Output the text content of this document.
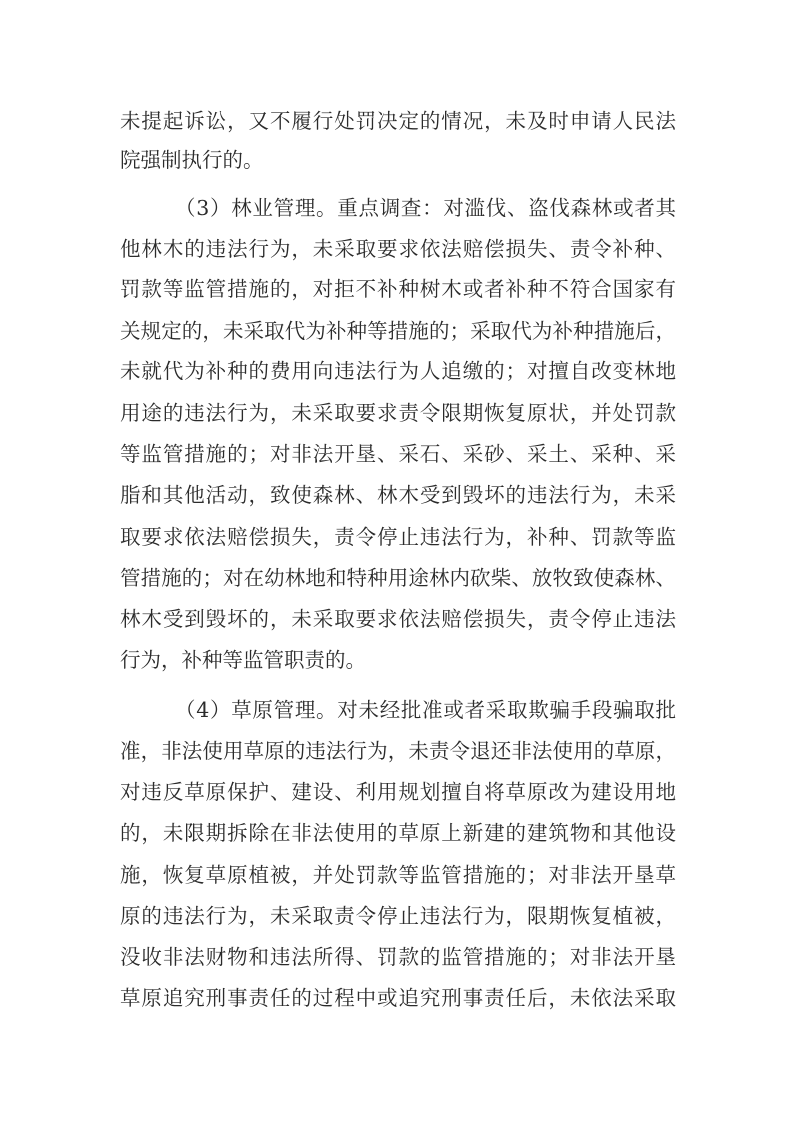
未提起诉讼，又不履行处罚决定的情况，未及时申请人民法
院强制执行的。
（3）林业管理。重点调查：对滥伐、盗伐森林或者其
他林木的违法行为，未采取要求依法赔偿损失、责令补种、
罚款等监管措施的，对拒不补种树木或者补种不符合国家有
关规定的，未采取代为补种等措施的；采取代为补种措施后，
未就代为补种的费用向违法行为人追缴的；对擅自改变林地
用途的违法行为，未采取要求责令限期恢复原状，并处罚款
等监管措施的；对非法开垦、采石、采砂、采土、采种、采
脂和其他活动，致使森林、林木受到毁坏的违法行为，未采
取要求依法赔偿损失，责令停止违法行为，补种、罚款等监
管措施的；对在幼林地和特种用途林内砍柴、放牧致使森林、
林木受到毁坏的，未采取要求依法赔偿损失，责令停止违法
行为，补种等监管职责的。
（4）草原管理。对未经批准或者采取欺骗手段骗取批
准，非法使用草原的违法行为，未责令退还非法使用的草原，
对违反草原保护、建设、利用规划擅自将草原改为建设用地
的，未限期拆除在非法使用的草原上新建的建筑物和其他设
施，恢复草原植被，并处罚款等监管措施的；对非法开垦草
原的违法行为，未采取责令停止违法行为，限期恢复植被，
没收非法财物和违法所得、罚款的监管措施的；对非法开垦
草原追究刑事责任的过程中或追究刑事责任后，未依法采取
